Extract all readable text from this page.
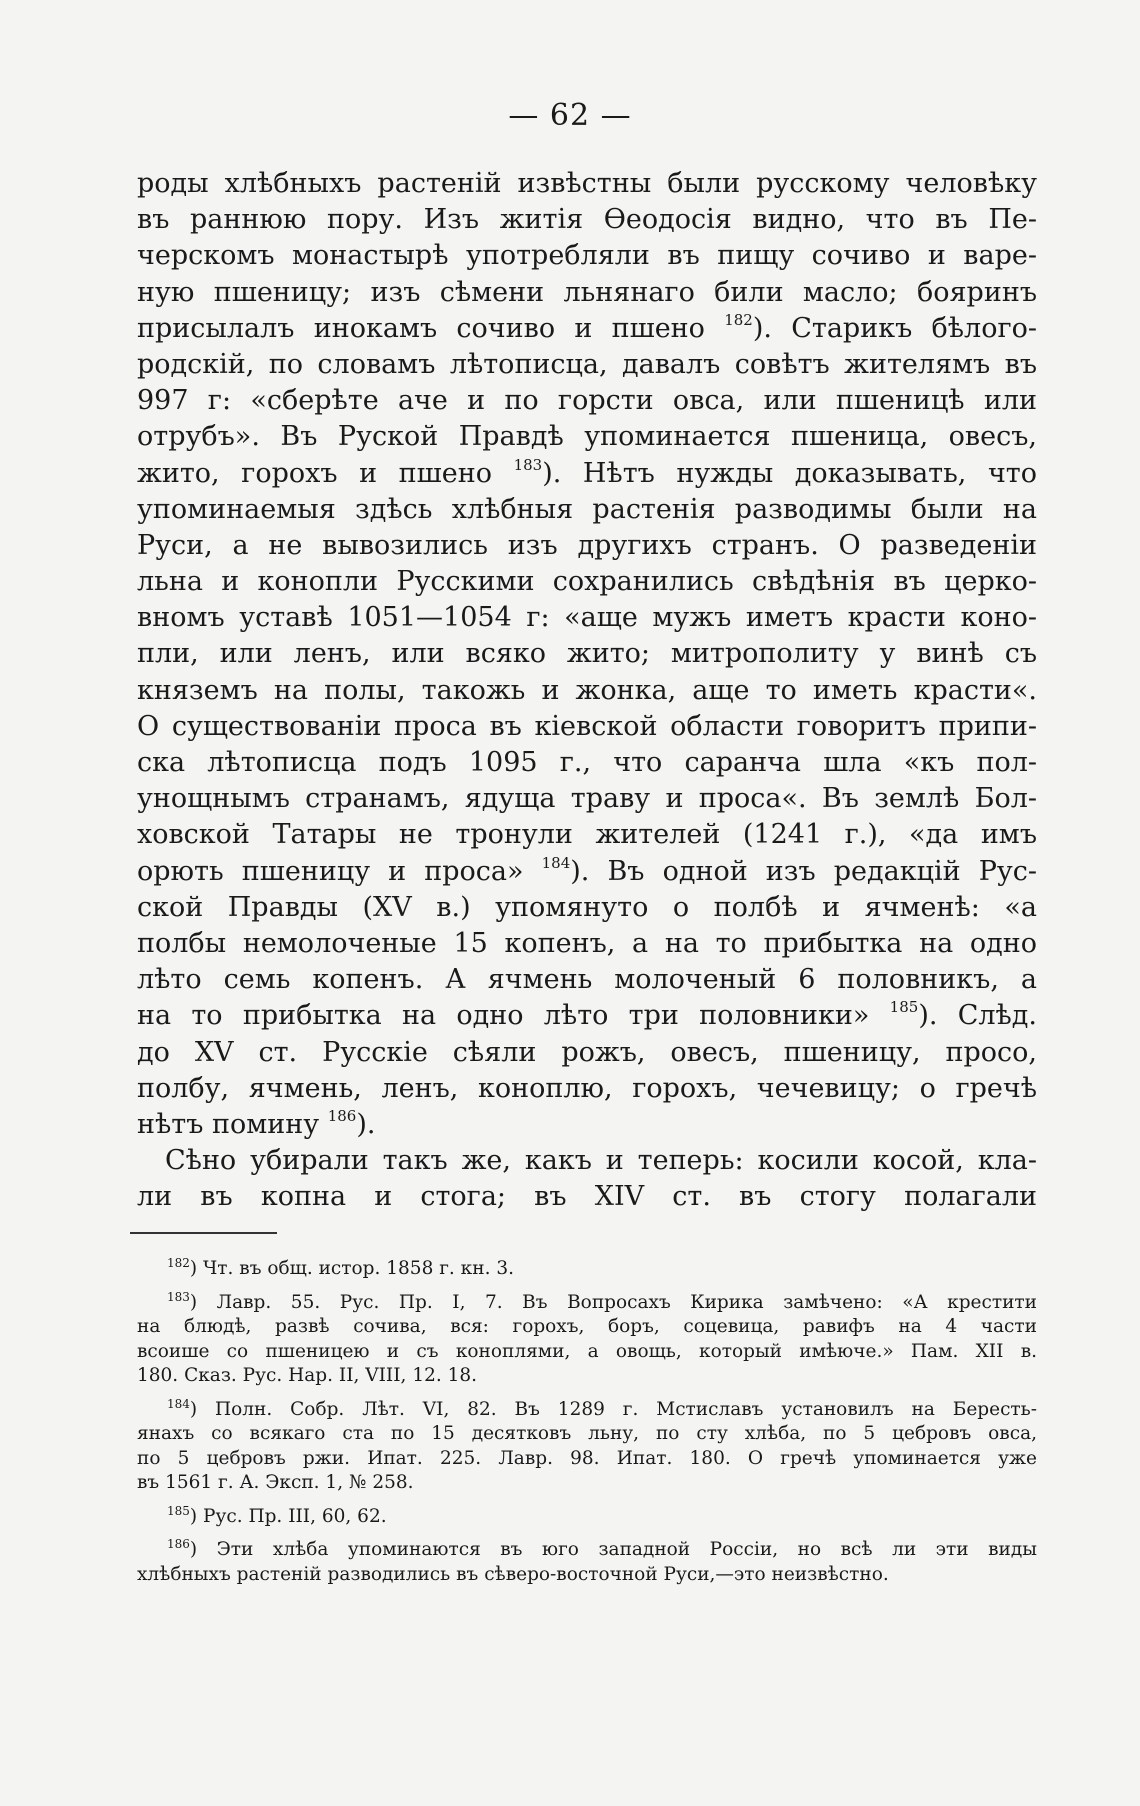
— 62 —
роды хлѣбныхъ растеній извѣстны были русскому человѣку
въ раннюю пору. Изъ житія Ѳеодосія видно, что въ Пе-
черскомъ монастырѣ употребляли въ пищу сочиво и варе-
ную пшеницу; изъ сѣмени льнянаго били масло; бояринъ
присылалъ инокамъ сочиво и пшено $^{182}$). Старикъ бѣлого-
родскій, по словамъ лѣтописца, давалъ совѣтъ жителямъ въ
997 г: «сберѣте аче и по горсти овса, или пшеницѣ или
отрубъ». Въ Руской Правдѣ упоминается пшеница, овесъ,
жито, горохъ и пшено $^{183}$). Нѣтъ нужды доказывать, что
упоминаемыя здѣсь хлѣбныя растенія разводимы были на
Руси, а не вывозились изъ другихъ странъ. О разведеніи
льна и конопли Русскими сохранились свѣдѣнія въ церко-
вномъ уставѣ 1051—1054 г: «аще мужъ иметъ красти коно-
пли, или ленъ, или всяко жито; митрополиту у винѣ съ
княземъ на полы, такожь и жонка, аще то иметь красти«.
О существованіи проса въ кіевской области говоритъ припи-
ска лѣтописца подъ 1095 г., что саранча шла «къ пол-
унощнымъ странамъ, ядуща траву и проса«. Въ землѣ Бол-
ховской Татары не тронули жителей (1241 г.), «да имъ
орють пшеницу и проса» $^{184}$). Въ одной изъ редакцій Рус-
ской Правды (XV в.) упомянуто о полбѣ и ячменѣ: «а
полбы немолоченые 15 копенъ, а на то прибытка на одно
лѣто семь копенъ. А ячмень молоченый 6 половникъ, а
на то прибытка на одно лѣто три половники» $^{185}$). Слѣд.
до XV ст. Русскіе сѣяли рожъ, овесъ, пшеницу, просо,
полбу, ячмень, ленъ, коноплю, горохъ, чечевицу; о гречѣ
нѣтъ помину $^{186}$).
Сѣно убирали такъ же, какъ и теперь: косили косой, кла-
ли въ копна и стога; въ XIV ст. въ стогу полагали
$^{182}$) Чт. въ общ. истор. 1858 г. кн. 3.
$^{183}$) Лавр. 55. Рус. Пр. I, 7. Въ Вопросахъ Кирика замѣчено: «А крестити
на блюдѣ, развѣ сочива, вся: горохъ, боръ, соцевица, равифъ на 4 части
всоише со пшеницею и съ коноплями, а овощь, который имѣюче.» Пам. XII в.
180. Сказ. Рус. Нар. II, VIII, 12. 18.
$^{184}$) Полн. Собр. Лѣт. VI, 82. Въ 1289 г. Мстиславъ установилъ на Бересть-
янахъ со всякаго ста по 15 десятковъ льну, по сту хлѣба, по 5 цебровъ овса,
по 5 цебровъ ржи. Ипат. 225. Лавр. 98. Ипат. 180. О гречѣ упоминается уже
въ 1561 г. А. Эксп. 1, № 258.
$^{185}$) Рус. Пр. III, 60, 62.
$^{186}$) Эти хлѣба упоминаются въ юго западной Россіи, но всѣ ли эти виды
хлѣбныхъ растеній разводились въ сѣверо-восточной Руси,—это неизвѣстно.
